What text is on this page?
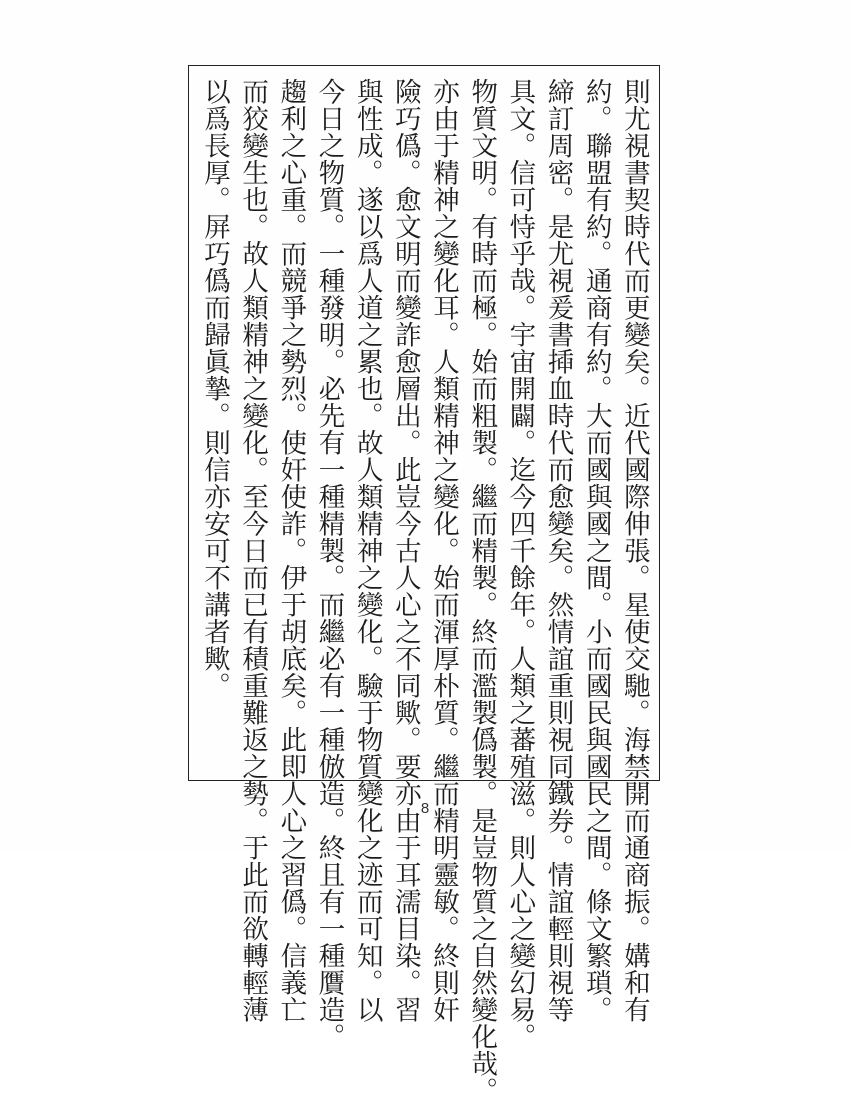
則尤視書契時代而更變矣。近代國際伸張。星使交馳。海禁開而通商振。媾和有
約。聯盟有約。通商有約。大而國與國之間。小而國民與國民之間。條文繁瑣。
締訂周密。是尤視爰書揷血時代而愈變矣。然情誼重則視同鐵券。情誼輕則視等
具文。信可恃乎哉。宇宙開闢。迄今四千餘年。人類之蕃殖滋。則人心之變幻易。
物質文明。有時而極。始而粗製。繼而精製。終而濫製僞製。是豈物質之自然變化哉。
亦由于精神之變化耳。人類精神之變化。始而渾厚朴質。繼而精明靈敏。終則奸
險巧僞。愈文明而變詐愈層出。此豈今古人心之不同歟。要亦由于耳濡目染。習
與性成。遂以爲人道之累也。故人類精神之變化。驗于物質變化之迹而可知。以
今日之物質。一種發明。必先有一種精製。而繼必有一種倣造。終且有一種贋造。
趨利之心重。而競爭之勢烈。使奸使詐。伊于胡底矣。此即人心之習僞。信義亡
而狡變生也。故人類精神之變化。至今日而已有積重難返之勢。于此而欲轉輕薄
以爲長厚。屏巧僞而歸眞摯。則信亦安可不講者歟。
8
